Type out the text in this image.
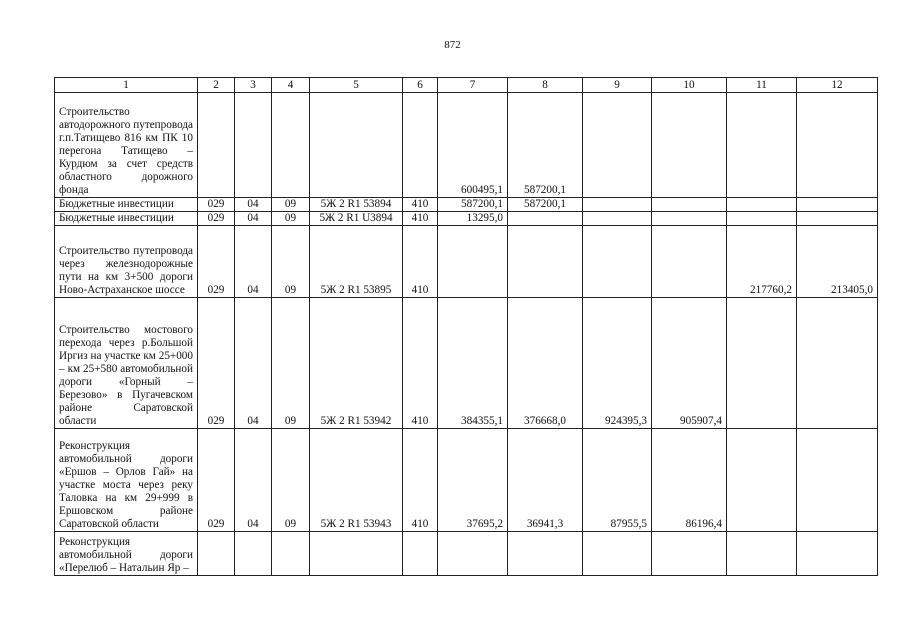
872
1	2	3	4	5	6	7	8	9	10	11	12

Строительство автодорожного путепровода г.п.Татищево 816 км ПК 10 перегона Татищево – Курдюм за счет средств областного дорожного фонда						600495,1	587200,1				

Бюджетные инвестиции	029	04	09	5Ж 2 R1 53894	410	587200,1	587200,1				

Бюджетные инвестиции	029	04	09	5Ж 2 R1 U3894	410	13295,0					

Строительство путепровода через железнодорожные пути на км 3+500 дороги Ново-Астраханское шоссе	029	04	09	5Ж 2 R1 53895	410					217760,2	213405,0

Строительство мостового перехода через р.Большой Иргиз на участке км 25+000 – км 25+580 автомобильной дороги «Горный – Березово» в Пугачевском районе Саратовской области	029	04	09	5Ж 2 R1 53942	410	384355,1	376668,0	924395,3	905907,4		

Реконструкция автомобильной дороги «Ершов – Орлов Гай» на участке моста через реку Таловка на км 29+999 в Ершовском районе Саратовской области	029	04	09	5Ж 2 R1 53943	410	37695,2	36941,3	87955,5	86196,4		

Реконструкция автомобильной дороги «Перелюб – Натальин Яр –											
